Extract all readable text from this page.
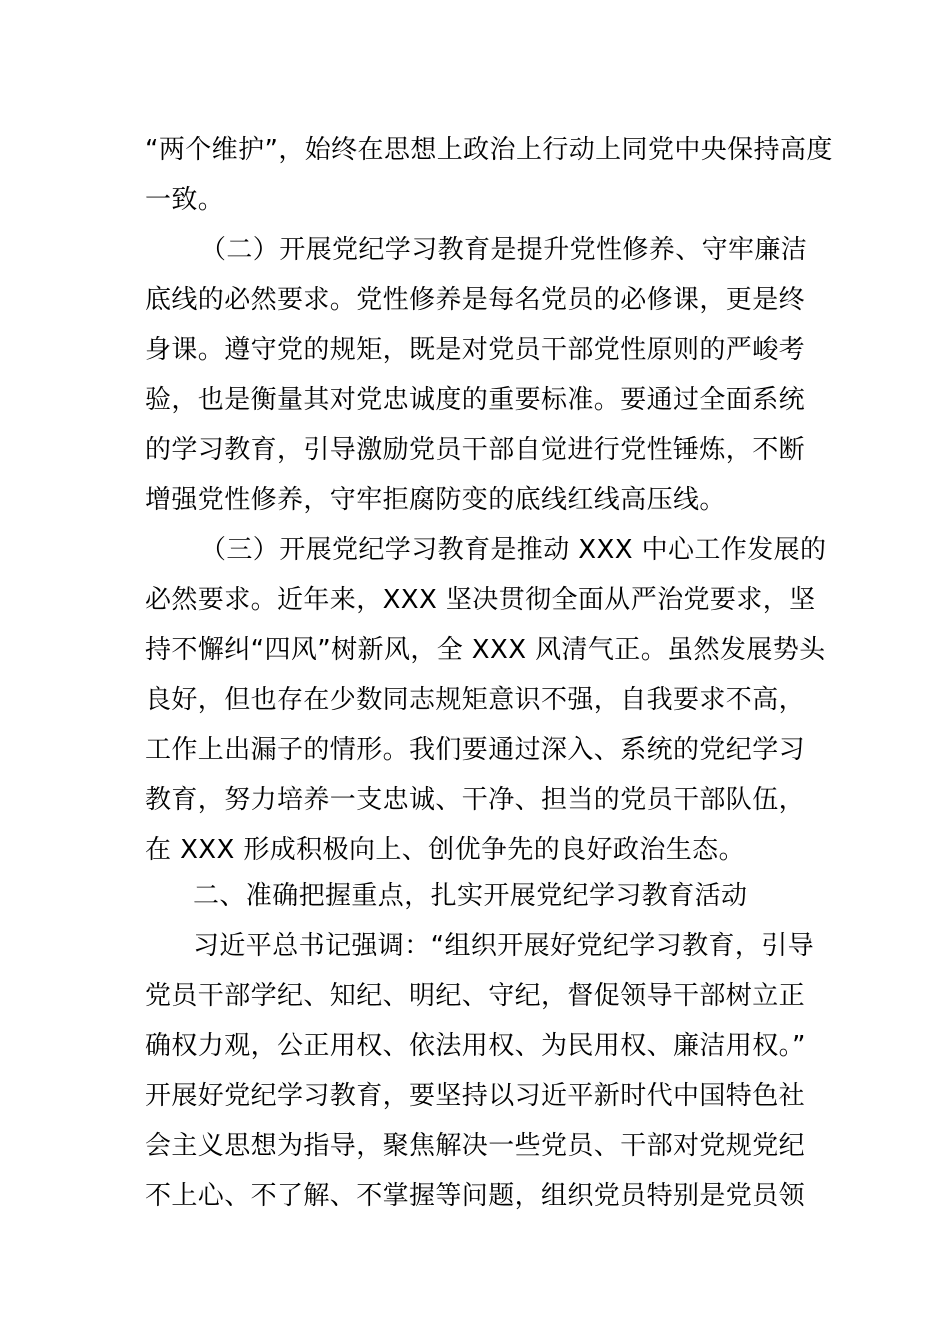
“两个维护”，始终在思想上政治上行动上同党中央保持高度
一致。
（二）开展党纪学习教育是提升党性修养、守牢廉洁
底线的必然要求。党性修养是每名党员的必修课，更是终
身课。遵守党的规矩，既是对党员干部党性原则的严峻考
验，也是衡量其对党忠诚度的重要标准。要通过全面系统
的学习教育，引导激励党员干部自觉进行党性锤炼，不断
增强党性修养，守牢拒腐防变的底线红线高压线。
（三）开展党纪学习教育是推动 XXX 中心工作发展的
必然要求。近年来，XXX 坚决贯彻全面从严治党要求，坚
持不懈纠“四风”树新风，全 XXX 风清气正。虽然发展势头
良好，但也存在少数同志规矩意识不强，自我要求不高，
工作上出漏子的情形。我们要通过深入、系统的党纪学习
教育，努力培养一支忠诚、干净、担当的党员干部队伍，
在 XXX 形成积极向上、创优争先的良好政治生态。
二、准确把握重点，扎实开展党纪学习教育活动
习近平总书记强调：“组织开展好党纪学习教育，引导
党员干部学纪、知纪、明纪、守纪，督促领导干部树立正
确权力观，公正用权、依法用权、为民用权、廉洁用权。”
开展好党纪学习教育，要坚持以习近平新时代中国特色社
会主义思想为指导，聚焦解决一些党员、干部对党规党纪
不上心、不了解、不掌握等问题，组织党员特别是党员领
